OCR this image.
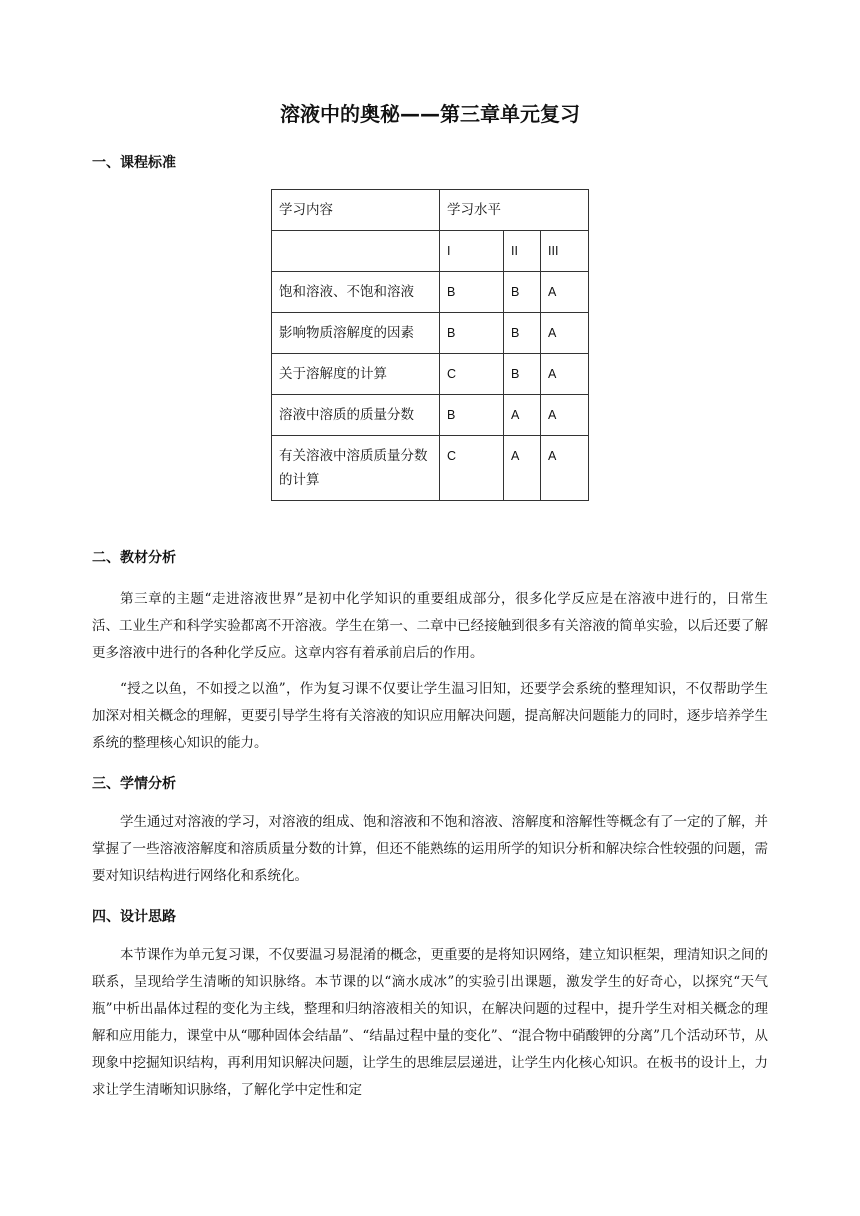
溶液中的奥秘——第三章单元复习
一、课程标准
学习内容	学习水平		
	I	II	III
饱和溶液、不饱和溶液	B	B	A
影响物质溶解度的因素	B	B	A
关于溶解度的计算	C	B	A
溶液中溶质的质量分数	B	A	A
有关溶液中溶质质量分数的计算	C	A	A
二、教材分析

第三章的主题“走进溶液世界”是初中化学知识的重要组成部分，很多化学反应是在溶液中进行的，日常生活、工业生产和科学实验都离不开溶液。学生在第一、二章中已经接触到很多有关溶液的简单实验，以后还要了解更多溶液中进行的各种化学反应。这章内容有着承前启后的作用。

“授之以鱼，不如授之以渔”，作为复习课不仅要让学生温习旧知，还要学会系统的整理知识，不仅帮助学生加深对相关概念的理解，更要引导学生将有关溶液的知识应用解决问题，提高解决问题能力的同时，逐步培养学生系统的整理核心知识的能力。

三、学情分析

学生通过对溶液的学习，对溶液的组成、饱和溶液和不饱和溶液、溶解度和溶解性等概念有了一定的了解，并掌握了一些溶液溶解度和溶质质量分数的计算，但还不能熟练的运用所学的知识分析和解决综合性较强的问题，需要对知识结构进行网络化和系统化。

四、设计思路

本节课作为单元复习课，不仅要温习易混淆的概念，更重要的是将知识网络，建立知识框架，理清知识之间的联系，呈现给学生清晰的知识脉络。本节课的以“滴水成冰”的实验引出课题，激发学生的好奇心，以探究“天气瓶”中析出晶体过程的变化为主线，整理和归纳溶液相关的知识，在解决问题的过程中，提升学生对相关概念的理解和应用能力，课堂中从“哪种固体会结晶”、“结晶过程中量的变化”、“混合物中硝酸钾的分离”几个活动环节，从现象中挖掘知识结构，再利用知识解决问题，让学生的思维层层递进，让学生内化核心知识。在板书的设计上，力求让学生清晰知识脉络，了解化学中定性和定
